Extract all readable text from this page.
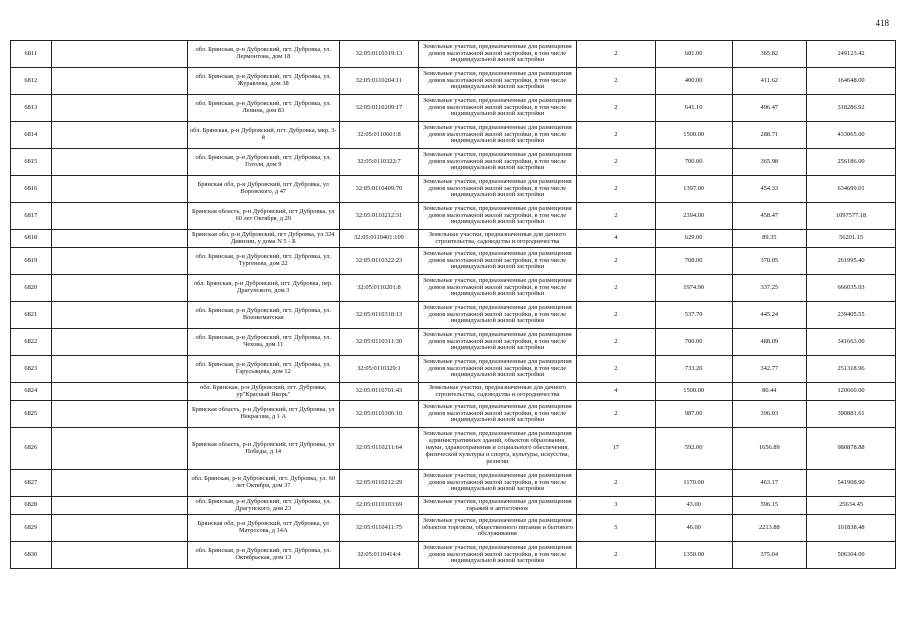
418
6811		обл. Брянская, р-н Дубровский, пгт. Дубровка, ул. Лермонтова, дом 18	32:05:0110319:13	Земельные участки, предназначенные для размещения домов малоэтажной жилой застройки, в том числе индивидуальной жилой застройки	2	681.00	365.82	249123.42
6812		обл. Брянская, р-н Дубровский, пгт. Дубровка, ул. Журавлева, дом 38	32:05:0110204:11	Земельные участки, предназначенные для размещения домов малоэтажной жилой застройки, в том числе индивидуальной жилой застройки	2	400.00	411.62	164648.00
6813		обл. Брянская, р-н Дубровский, пгт. Дубровка, ул. Ленина, дом 83	32:05:0110209:17	Земельные участки, предназначенные для размещения домов малоэтажной жилой застройки, в том числе индивидуальной жилой застройки	2	641.10	496.47	318286.92
6814		обл. Брянская, р-н Дубровский, пгт. Дубровка, мкр. 3-й	32:05:0110601:8	Земельные участки, предназначенные для размещения домов малоэтажной жилой застройки, в том числе индивидуальной жилой застройки	2	1500.00	288.71	433065.00
6815		обл. Брянская, р-н Дубровский, пгт. Дубровка, ул. Гоголя, дом 9	32:05:0110322:7	Земельные участки, предназначенные для размещения домов малоэтажной жилой застройки, в том числе индивидуальной жилой застройки	2	700.00	365.98	256186.00
6816		Брянская обл, р-н Дубровский, пгт Дубровка, ул Воровского, д 47	32:05:0110409:70	Земельные участки, предназначенные для размещения домов малоэтажной жилой застройки, в том числе индивидуальной жилой застройки	2	1397.00	454.33	634699.01
6817		Брянская область, р-н Дубровский, пгт Дубровка, ул 60 лет Октября, д 29	32:05:0110212:31	Земельные участки, предназначенные для размещения домов малоэтажной жилой застройки, в том числе индивидуальной жилой застройки	2	2394.00	458.47	1097577.18
6818		Брянская обл, р-н Дубровский, пгт Дубровка, ул 324 Дивизии, у дома N 5 - Б	32:05:0110401:109	Земельные участки, предназначенные для дачного строительства, садоводства и огородничества	4	629.00	89.35	56201.15
6819		обл. Брянская, р-н Дубровский, пгт. Дубровка, ул. Тургенева, дом 22	32:05:0110322:23	Земельные участки, предназначенные для размещения домов малоэтажной жилой застройки, в том числе индивидуальной жилой застройки	2	708.00	370.05	261995.40
6820		обл. Брянская, р-н Дубровский, пгт. Дубровка, пер. Драгунского, дом 3	32:05:0110201:8	Земельные участки, предназначенные для размещения домов малоэтажной жилой застройки, в том числе индивидуальной жилой застройки	2	1974.90	337.25	666035.03
6821		обл. Брянская, р-н Дубровский, пгт. Дубровка, ул. Военкоматская	32:05:0110318:13	Земельные участки, предназначенные для размещения домов малоэтажной жилой застройки, в том числе индивидуальной жилой застройки	2	537.70	445.24	239405.55
6822		обл. Брянская, р-н Дубровский, пгт. Дубровка, ул. Чехова, дом 11	32:05:0110311:30	Земельные участки, предназначенные для размещения домов малоэтажной жилой застройки, в том числе индивидуальной жилой застройки	2	700.00	488.09	341663.00
6823		обл. Брянская, р-н Дубровский, пгт. Дубровка, ул. Гарусьяцева, дом 12	32:05:0110329:1	Земельные участки, предназначенные для размещения домов малоэтажной жилой застройки, в том числе индивидуальной жилой застройки	2	733.20	342.77	251318.96
6824		обл. Брянская, р-н Дубровский, пгт. Дубровка, ур"Красный Якорь"	32:05:0110701:43	Земельные участки, предназначенные для дачного строительства, садоводства и огородничества	4	1500.00	80.44	120660.00
6825		Брянская область, р-н Дубровский, пгт Дубровка, ул Некрасова, д 1 А	32:05:0110306:10	Земельные участки, предназначенные для размещения домов малоэтажной жилой застройки, в том числе индивидуальной жилой застройки	2	987.00	396.03	390881.61
6826		Брянская область, р-н Дубровский, пгт Дубровка, ул Победы, д 14	32:05:0110211:64	Земельные участки, предназначенные для размещения административных зданий, объектов образования, науки, здравоохранения и социального обеспечения, физической культуры и спорта, культуры, искусства, религии	17	592.00	1656.89	980878.88
6827		обл. Брянская, р-н Дубровский, пгт. Дубровка, ул. 60 лет Октября, дом 37	32:05:0110212:29	Земельные участки, предназначенные для размещения домов малоэтажной жилой застройки, в том числе индивидуальной жилой застройки	2	1170.00	463.17	541908.90
6828		обл. Брянская, р-н Дубровский, пгт. Дубровка, ул. Драгунского, дом 23	32:05:0110103:69	Земельные участки, предназначенные для размещения гаражей и автостоянок	3	43.00	596.15	25634.45
6829		Брянская обл, р-н Дубровский, пгт Дубровка, ул Матросова, д 14А	32:05:0110411:75	Земельные участки, предназначенные для размещения объектов торговли, общественного питания и бытового обслуживания	5	46.00	2213.88	101838.48
6830		обл. Брянская, р-н Дубровский, пгт. Дубровка, ул. Октябрьская, дом 13	32:05:0110414:4	Земельные участки, предназначенные для размещения домов малоэтажной жилой застройки, в том числе индивидуальной жилой застройки	2	1350.00	375.04	506304.00
